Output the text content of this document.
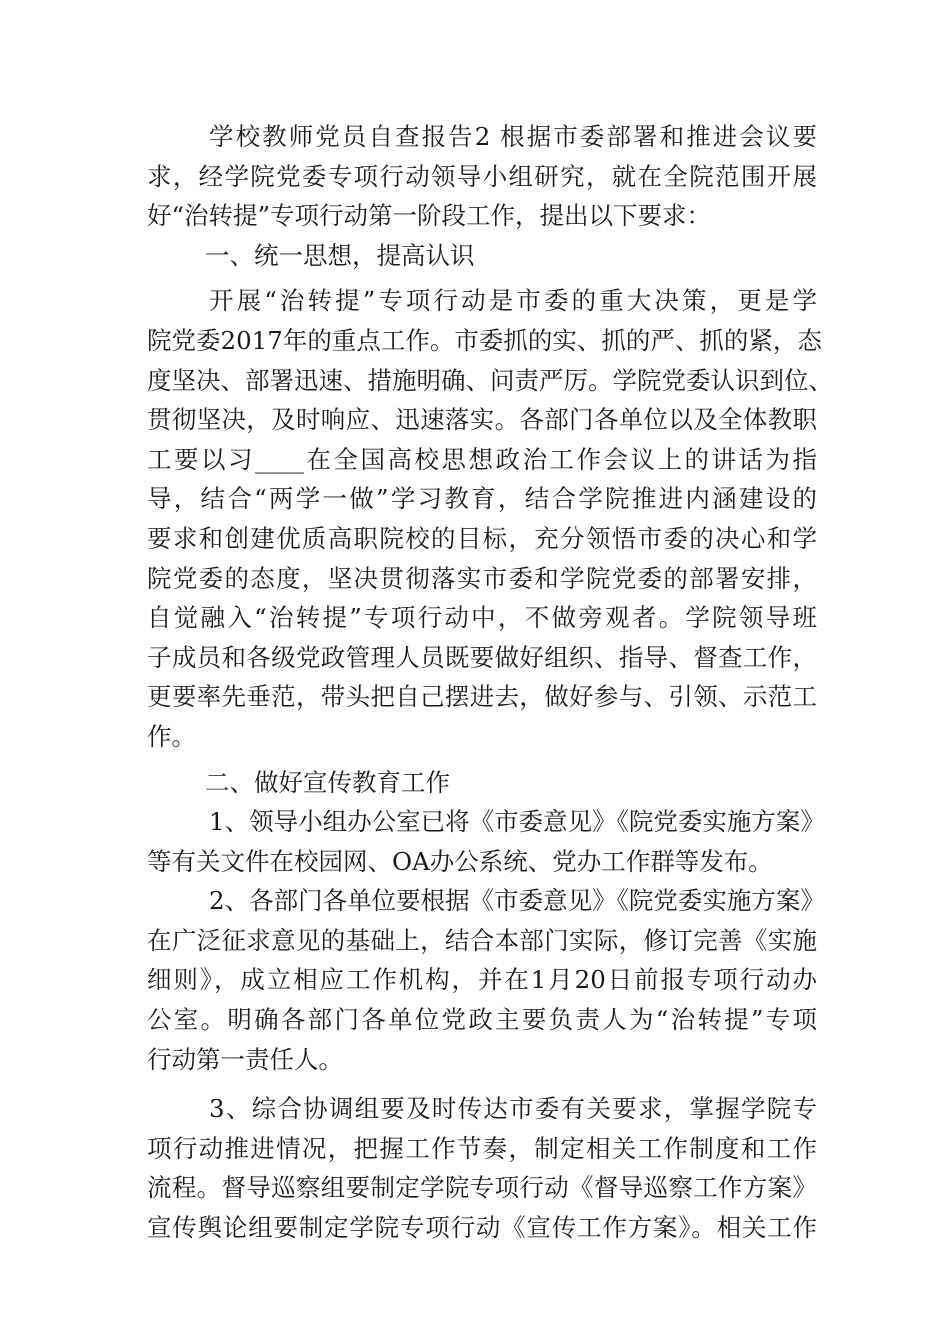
学校教师党员自查报告2 根据市委部署和推进会议要
求，经学院党委专项行动领导小组研究，就在全院范围开展
好“治转提”专项行动第一阶段工作，提出以下要求：
一、统一思想，提高认识
开展“治转提”专项行动是市委的重大决策，更是学
院党委2017年的重点工作。市委抓的实、抓的严、抓的紧，态
度坚决、部署迅速、措施明确、问责严厉。学院党委认识到位、
贯彻坚决，及时响应、迅速落实。各部门各单位以及全体教职
工要以习____在全国高校思想政治工作会议上的讲话为指
导，结合“两学一做”学习教育，结合学院推进内涵建设的
要求和创建优质高职院校的目标，充分领悟市委的决心和学
院党委的态度，坚决贯彻落实市委和学院党委的部署安排，
自觉融入“治转提”专项行动中，不做旁观者。学院领导班
子成员和各级党政管理人员既要做好组织、指导、督查工作，
更要率先垂范，带头把自己摆进去，做好参与、引领、示范工
作。
二、做好宣传教育工作
1、领导小组办公室已将《市委意见》《院党委实施方案》
等有关文件在校园网、OA办公系统、党办工作群等发布。
2、各部门各单位要根据《市委意见》《院党委实施方案》
在广泛征求意见的基础上，结合本部门实际，修订完善《实施
细则》，成立相应工作机构，并在1月20日前报专项行动办
公室。明确各部门各单位党政主要负责人为“治转提”专项
行动第一责任人。
3、综合协调组要及时传达市委有关要求，掌握学院专
项行动推进情况，把握工作节奏，制定相关工作制度和工作
流程。督导巡察组要制定学院专项行动《督导巡察工作方案》
宣传舆论组要制定学院专项行动《宣传工作方案》。相关工作
